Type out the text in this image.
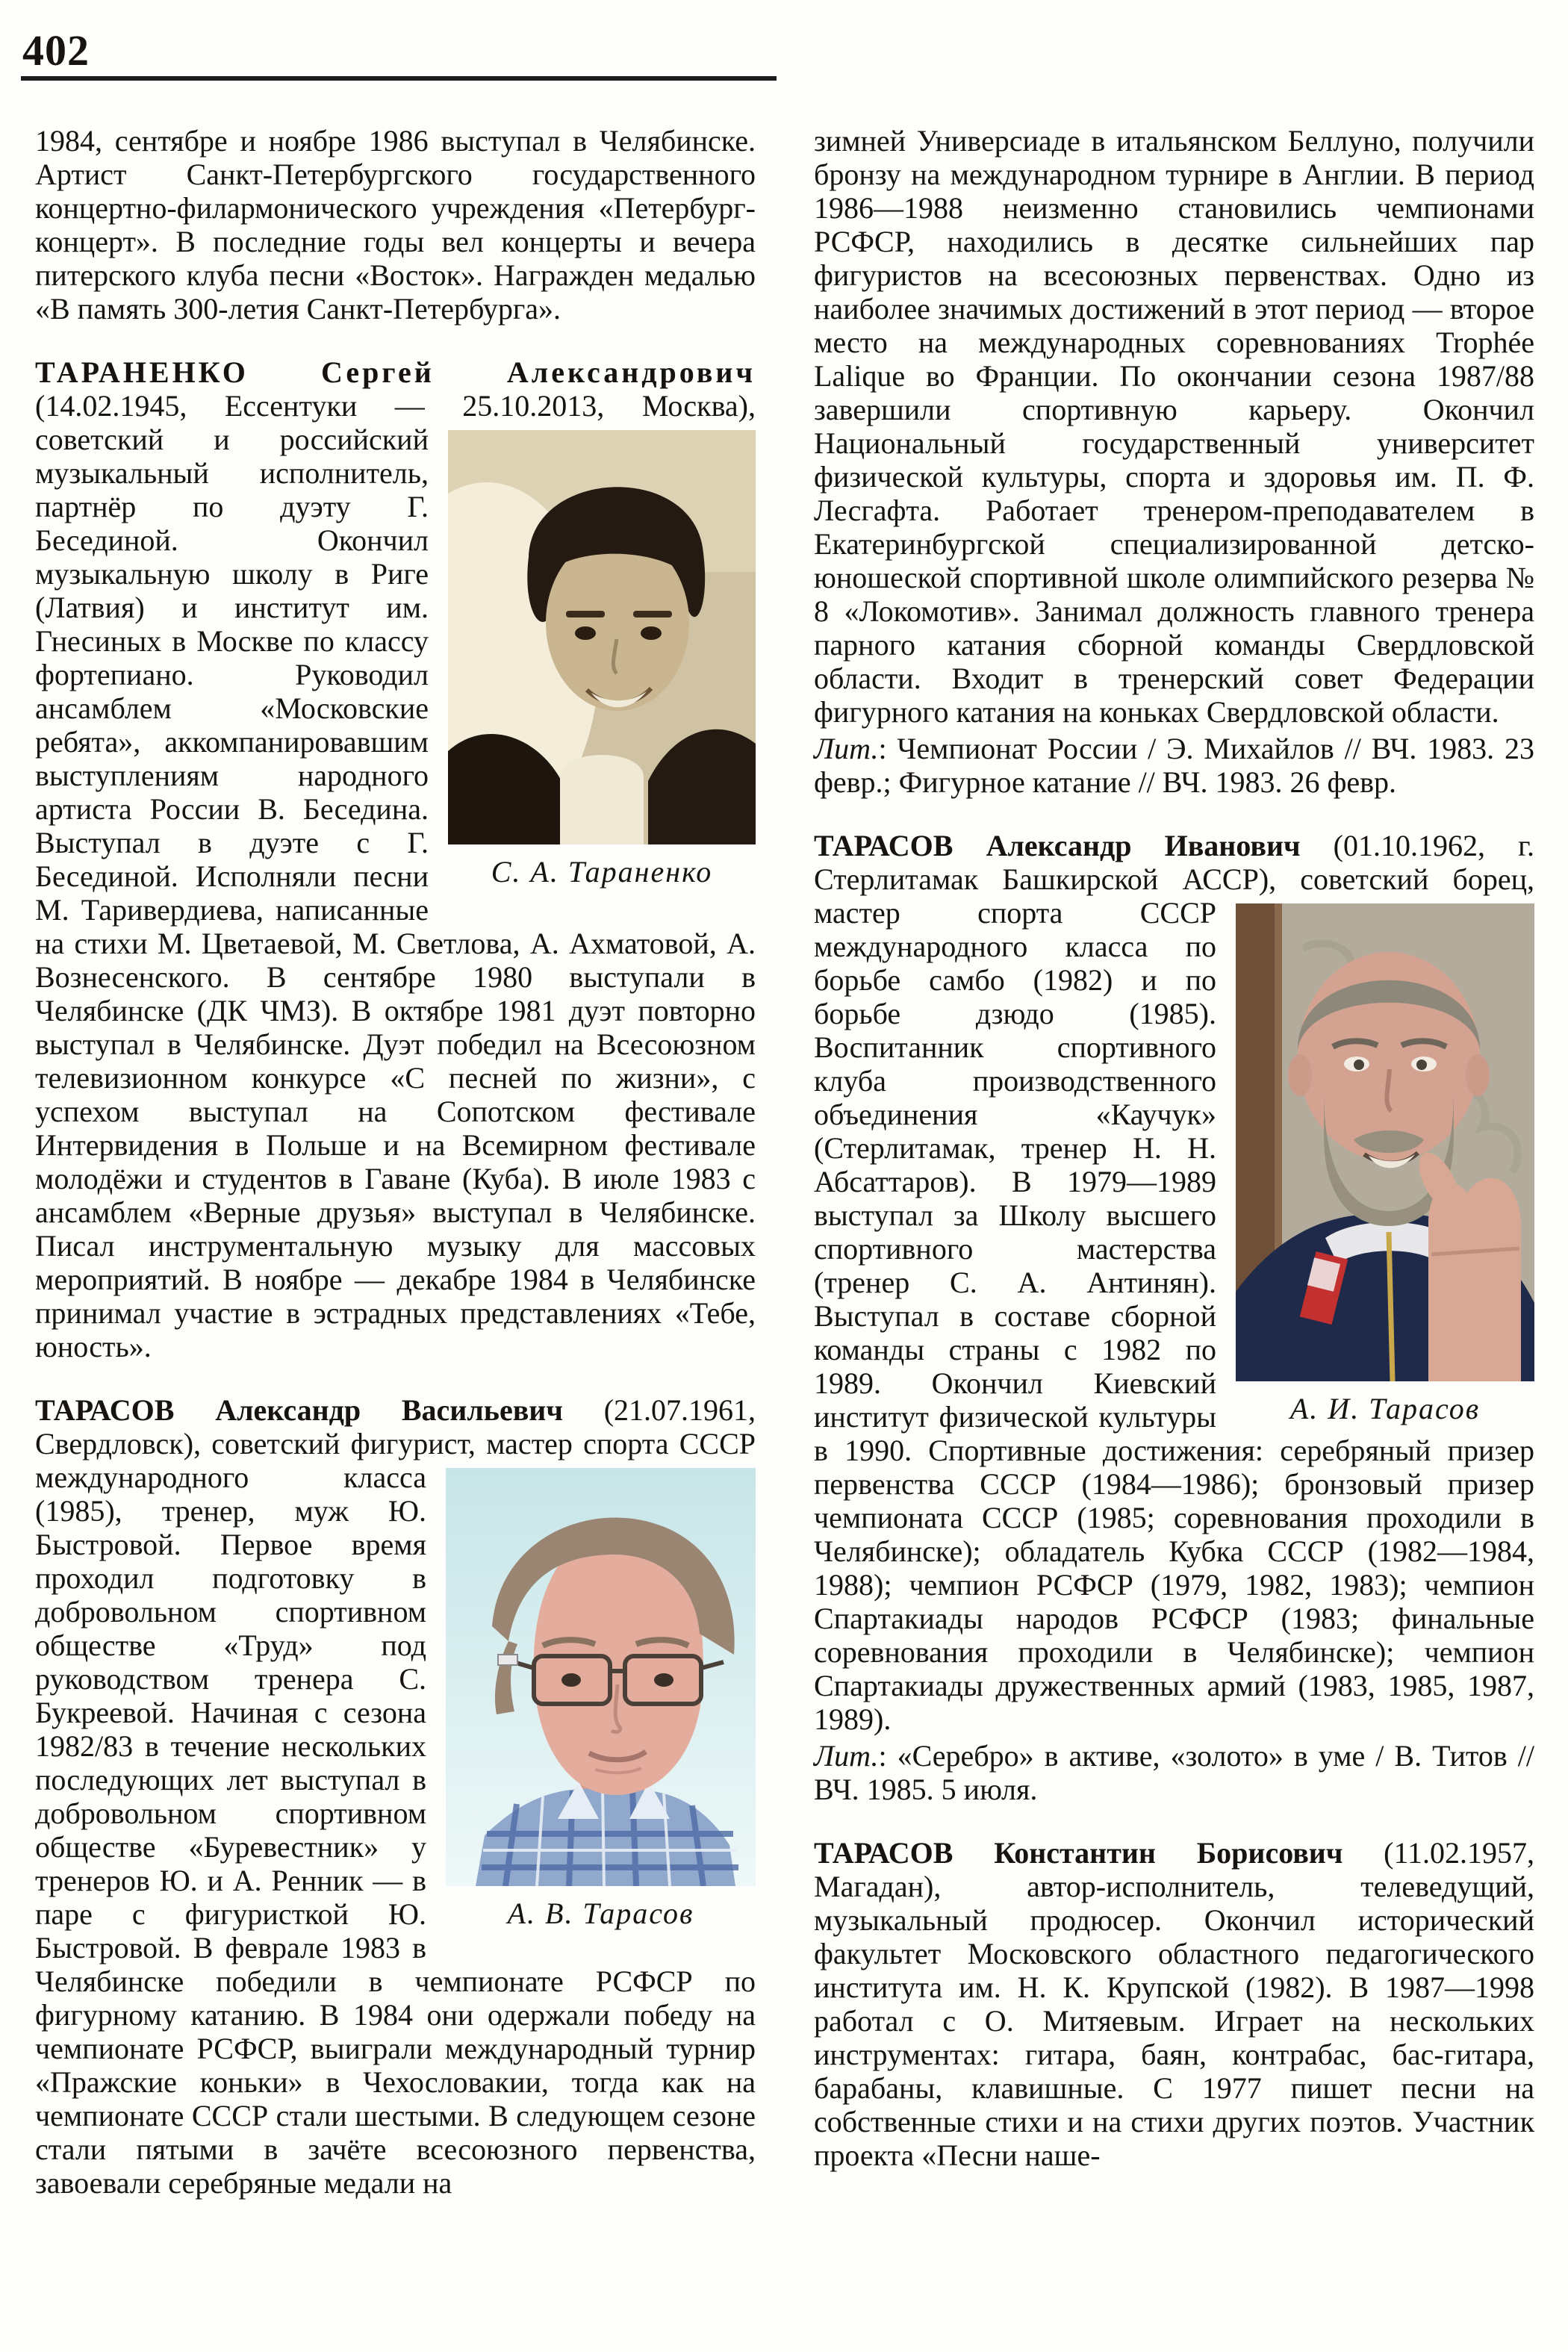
402
1984, сентябре и ноябре 1986 выступал в Челябинске. Артист Санкт-Петербургского государственного концертно-филармонического учреждения «Петербург-концерт». В последние годы вел концерты и вечера питерского клуба песни «Восток». Награжден медалью «В память 300-летия Санкт-Петербурга».
ТАРАНЕНКО Сергей Александрович (14.02.1945, Ессентуки — 25.10.2013, Москва),
С. А. Тараненко
советский и российский музыкальный исполнитель, партнёр по дуэту Г. Бесединой. Окончил музыкальную школу в Риге (Латвия) и институт им. Гнесиных в Москве по классу фортепиано. Руководил ансамблем «Московские ребята», аккомпанировавшим выступлениям народного артиста России В. Беседина. Выступал в дуэте с Г. Бесединой. Исполняли песни М. Таривердиева, написанные на стихи М. Цветаевой, М. Светлова, А. Ахматовой, А. Вознесенского. В сентябре 1980 выступали в Челябинске (ДК ЧМЗ). В октябре 1981 дуэт повторно выступал в Челябинске. Дуэт победил на Всесоюзном телевизионном конкурсе «С песней по жизни», с успехом выступал на Сопотском фестивале Интервидения в Польше и на Всемирном фестивале молодёжи и студентов в Гаване (Куба). В июле 1983 с ансамблем «Верные друзья» выступал в Челябинске. Писал инструментальную музыку для массовых мероприятий. В ноябре — декабре 1984 в Челябинске принимал участие в эстрадных представлениях «Тебе, юность».
ТАРАСОВ Александр Васильевич (21.07.1961, Свердловск), советский фигурист, мастер спорта
А. В. Тарасов
СССР международного класса (1985), тренер, муж Ю. Быстровой. Первое время проходил подготовку в добровольном спортивном обществе «Труд» под руководством тренера С. Букреевой. Начиная с сезона 1982/83 в течение нескольких последующих лет выступал в добровольном спортивном обществе «Буревестник» у тренеров Ю. и А. Ренник — в паре с фигуристкой Ю. Быстровой. В феврале 1983 в Челябинске победили в чемпионате РСФСР по фигурному катанию. В 1984 они одержали победу на чемпионате РСФСР, выиграли международный турнир «Пражские коньки» в Чехословакии, тогда как на чемпионате СССР стали шестыми. В следующем сезоне стали пятыми в зачёте всесоюзного первенства, завоевали серебряные медали на
зимней Универсиаде в итальянском Беллуно, получили бронзу на международном турнире в Англии. В период 1986—1988 неизменно становились чемпионами РСФСР, находились в десятке сильнейших пар фигуристов на всесоюзных первенствах. Одно из наиболее значимых достижений в этот период — второе место на международных соревнованиях Trophée Lalique во Франции. По окончании сезона 1987/88 завершили спортивную карьеру. Окончил Национальный государственный университет физической культуры, спорта и здоровья им. П. Ф. Лесгафта. Работает тренером-преподавателем в Екатеринбургской специализированной детско-юношеской спортивной школе олимпийского резерва № 8 «Локомотив». Занимал должность главного тренера парного катания сборной команды Свердловской области. Входит в тренерский совет Федерации фигурного катания на коньках Свердловской области.
Лит.: Чемпионат России / Э. Михайлов // ВЧ. 1983. 23 февр.; Фигурное катание // ВЧ. 1983. 26 февр.
ТАРАСОВ Александр Иванович (01.10.1962, г. Стерлитамак Башкирской АССР), советский
А. И. Тарасов
борец, мастер спорта СССР международного класса по борьбе самбо (1982) и по борьбе дзюдо (1985). Воспитанник спортивного клуба производственного объединения «Каучук» (Стерлитамак, тренер Н. Н. Абсаттаров). В 1979—1989 выступал за Школу высшего спортивного мастерства (тренер С. А. Антинян). Выступал в составе сборной команды страны с 1982 по 1989. Окончил Киевский институт физической культуры в 1990. Спортивные достижения: серебряный призер первенства СССР (1984—1986); бронзовый призер чемпионата СССР (1985; соревнования проходили в Челябинске); обладатель Кубка СССР (1982—1984, 1988); чемпион РСФСР (1979, 1982, 1983); чемпион Спартакиады народов РСФСР (1983; финальные соревнования проходили в Челябинске); чемпион Спартакиады дружественных армий (1983, 1985, 1987, 1989).
Лит.: «Серебро» в активе, «золото» в уме / В. Титов // ВЧ. 1985. 5 июля.
ТАРАСОВ Константин Борисович (11.02.1957, Магадан), автор-исполнитель, телеведущий, музыкальный продюсер. Окончил исторический факультет Московского областного педагогического института им. Н. К. Крупской (1982). В 1987—1998 работал с О. Митяевым. Играет на нескольких инструментах: гитара, баян, контрабас, бас-гитара, барабаны, клавишные. С 1977 пишет песни на собственные стихи и на стихи других поэтов. Участник проекта «Песни наше-
